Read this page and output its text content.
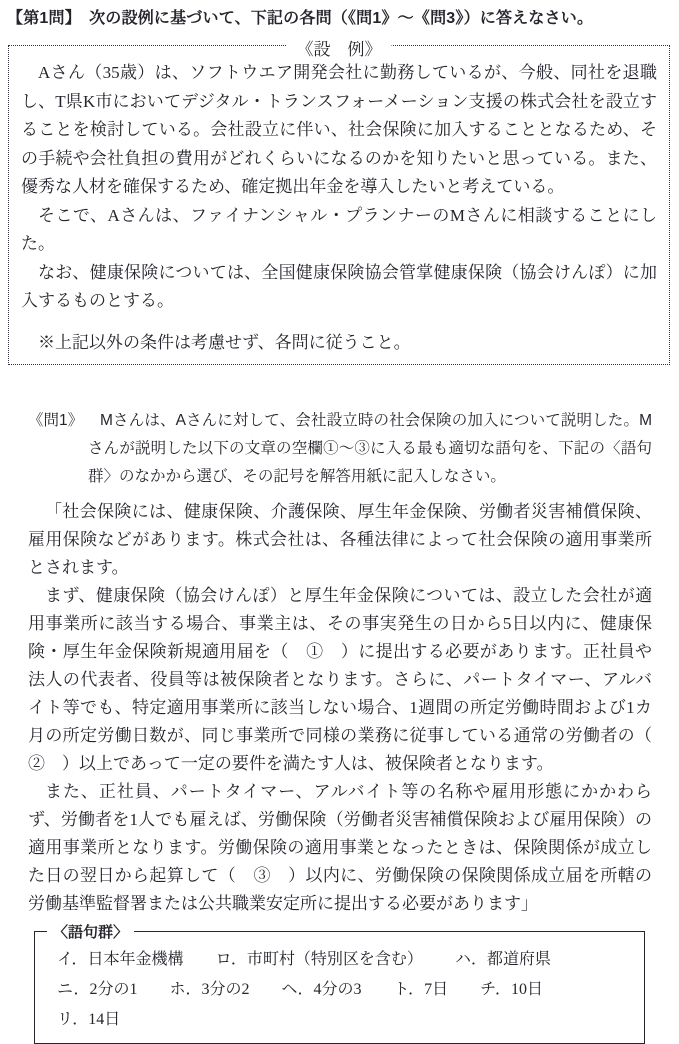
【第1問】　次の設例に基づいて、下記の各問（《問1》～《問3》）に答えなさい。
《設　例》

Aさん（35歳）は、ソフトウエア開発会社に勤務しているが、今般、同社を退職し、T県K市においてデジタル・トランスフォーメーション支援の株式会社を設立することを検討している。会社設立に伴い、社会保険に加入することとなるため、その手続や会社負担の費用がどれくらいになるのかを知りたいと思っている。また、優秀な人材を確保するため、確定拠出年金を導入したいと考えている。

そこで、Aさんは、ファイナンシャル・プランナーのMさんに相談することにした。

なお、健康保険については、全国健康保険協会管掌健康保険（協会けんぽ）に加入するものとする。

※上記以外の条件は考慮せず、各問に従うこと。

《問1》	Mさんは、Aさんに対して、会社設立時の社会保険の加入について説明した。Mさんが説明した以下の文章の空欄①～③に入る最も適切な語句を、下記の〈語句群〉のなかから選び、その記号を解答用紙に記入しなさい。

「社会保険には、健康保険、介護保険、厚生年金保険、労働者災害補償保険、雇用保険などがあります。株式会社は、各種法律によって社会保険の適用事業所とされます。

まず、健康保険（協会けんぽ）と厚生年金保険については、設立した会社が適用事業所に該当する場合、事業主は、その事実発生の日から5日以内に、健康保険・厚生年金保険新規適用届を（　①　）に提出する必要があります。正社員や法人の代表者、役員等は被保険者となります。さらに、パートタイマー、アルバイト等でも、特定適用事業所に該当しない場合、1週間の所定労働時間および1カ月の所定労働日数が、同じ事業所で同様の業務に従事している通常の労働者の（　②　）以上であって一定の要件を満たす人は、被保険者となります。

また、正社員、パートタイマー、アルバイト等の名称や雇用形態にかかわらず、労働者を1人でも雇えば、労働保険（労働者災害補償保険および雇用保険）の適用事業所となります。労働保険の適用事業となったときは、保険関係が成立した日の翌日から起算して（　③　）以内に、労働保険の保険関係成立届を所轄の労働基準監督署または公共職業安定所に提出する必要があります」

〈語句群〉
イ．日本年金機構 ロ．市町村（特別区を含む） ハ．都道府県
ニ．2分の1 ホ．3分の2 ヘ．4分の3 ト．7日 チ．10日
リ．14日
